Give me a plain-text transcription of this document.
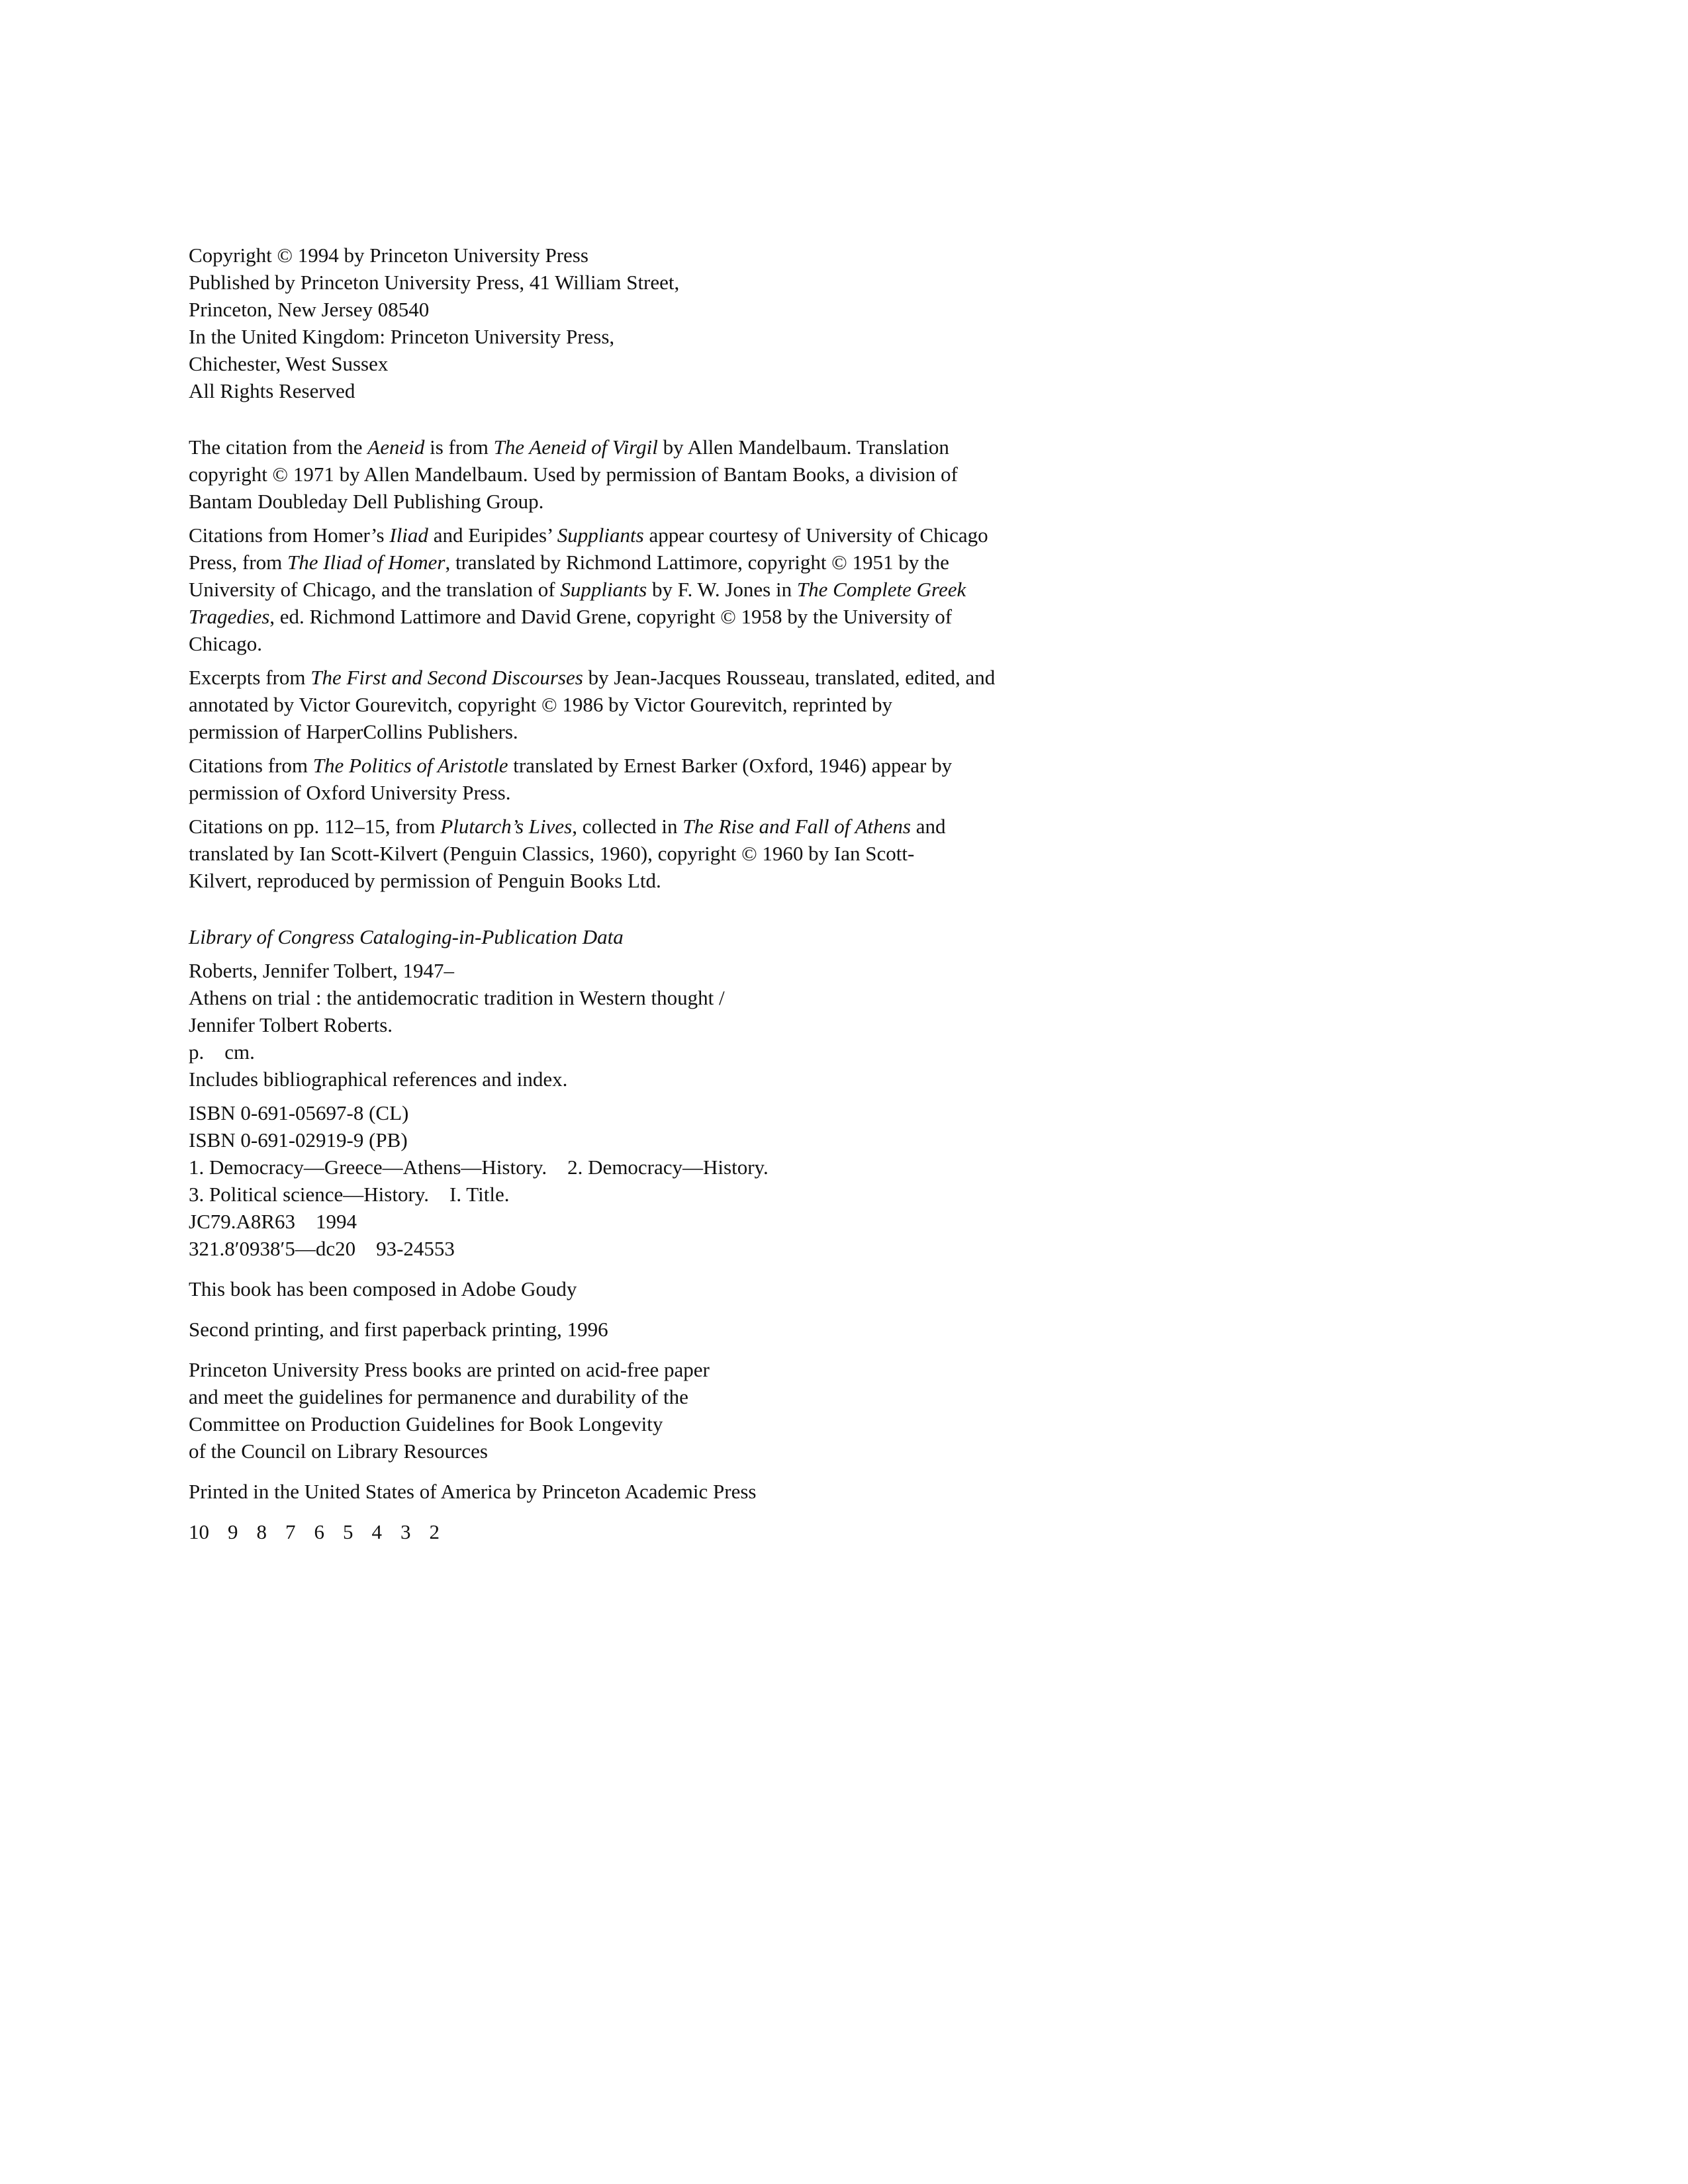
Copyright © 1994 by Princeton University Press
Published by Princeton University Press, 41 William Street,
Princeton, New Jersey 08540
In the United Kingdom: Princeton University Press,
Chichester, West Sussex
All Rights Reserved
The citation from the Aeneid is from The Aeneid of Virgil by Allen Mandelbaum. Translation
copyright © 1971 by Allen Mandelbaum. Used by permission of Bantam Books, a division of
Bantam Doubleday Dell Publishing Group.
Citations from Homer’s Iliad and Euripides’ Suppliants appear courtesy of University of Chicago
Press, from The Iliad of Homer, translated by Richmond Lattimore, copyright © 1951 by the
University of Chicago, and the translation of Suppliants by F. W. Jones in The Complete Greek
Tragedies, ed. Richmond Lattimore and David Grene, copyright © 1958 by the University of
Chicago.
Excerpts from The First and Second Discourses by Jean-Jacques Rousseau, translated, edited, and
annotated by Victor Gourevitch, copyright © 1986 by Victor Gourevitch, reprinted by
permission of HarperCollins Publishers.
Citations from The Politics of Aristotle translated by Ernest Barker (Oxford, 1946) appear by
permission of Oxford University Press.
Citations on pp. 112–15, from Plutarch’s Lives, collected in The Rise and Fall of Athens and
translated by Ian Scott-Kilvert (Penguin Classics, 1960), copyright © 1960 by Ian Scott-
Kilvert, reproduced by permission of Penguin Books Ltd.
Library of Congress Cataloging-in-Publication Data
Roberts, Jennifer Tolbert, 1947–
Athens on trial : the antidemocratic tradition in Western thought /
Jennifer Tolbert Roberts.
p.    cm.
Includes bibliographical references and index.
ISBN 0-691-05697-8 (CL)
ISBN 0-691-02919-9 (PB)
1. Democracy—Greece—Athens—History.    2. Democracy—History.
3. Political science—History.    I. Title.
JC79.A8R63    1994
321.8′0938′5—dc20    93-24553
This book has been composed in Adobe Goudy
Second printing, and first paperback printing, 1996
Princeton University Press books are printed on acid-free paper
and meet the guidelines for permanence and durability of the
Committee on Production Guidelines for Book Longevity
of the Council on Library Resources
Printed in the United States of America by Princeton Academic Press
10 9 8 7 6 5 4 3 2
